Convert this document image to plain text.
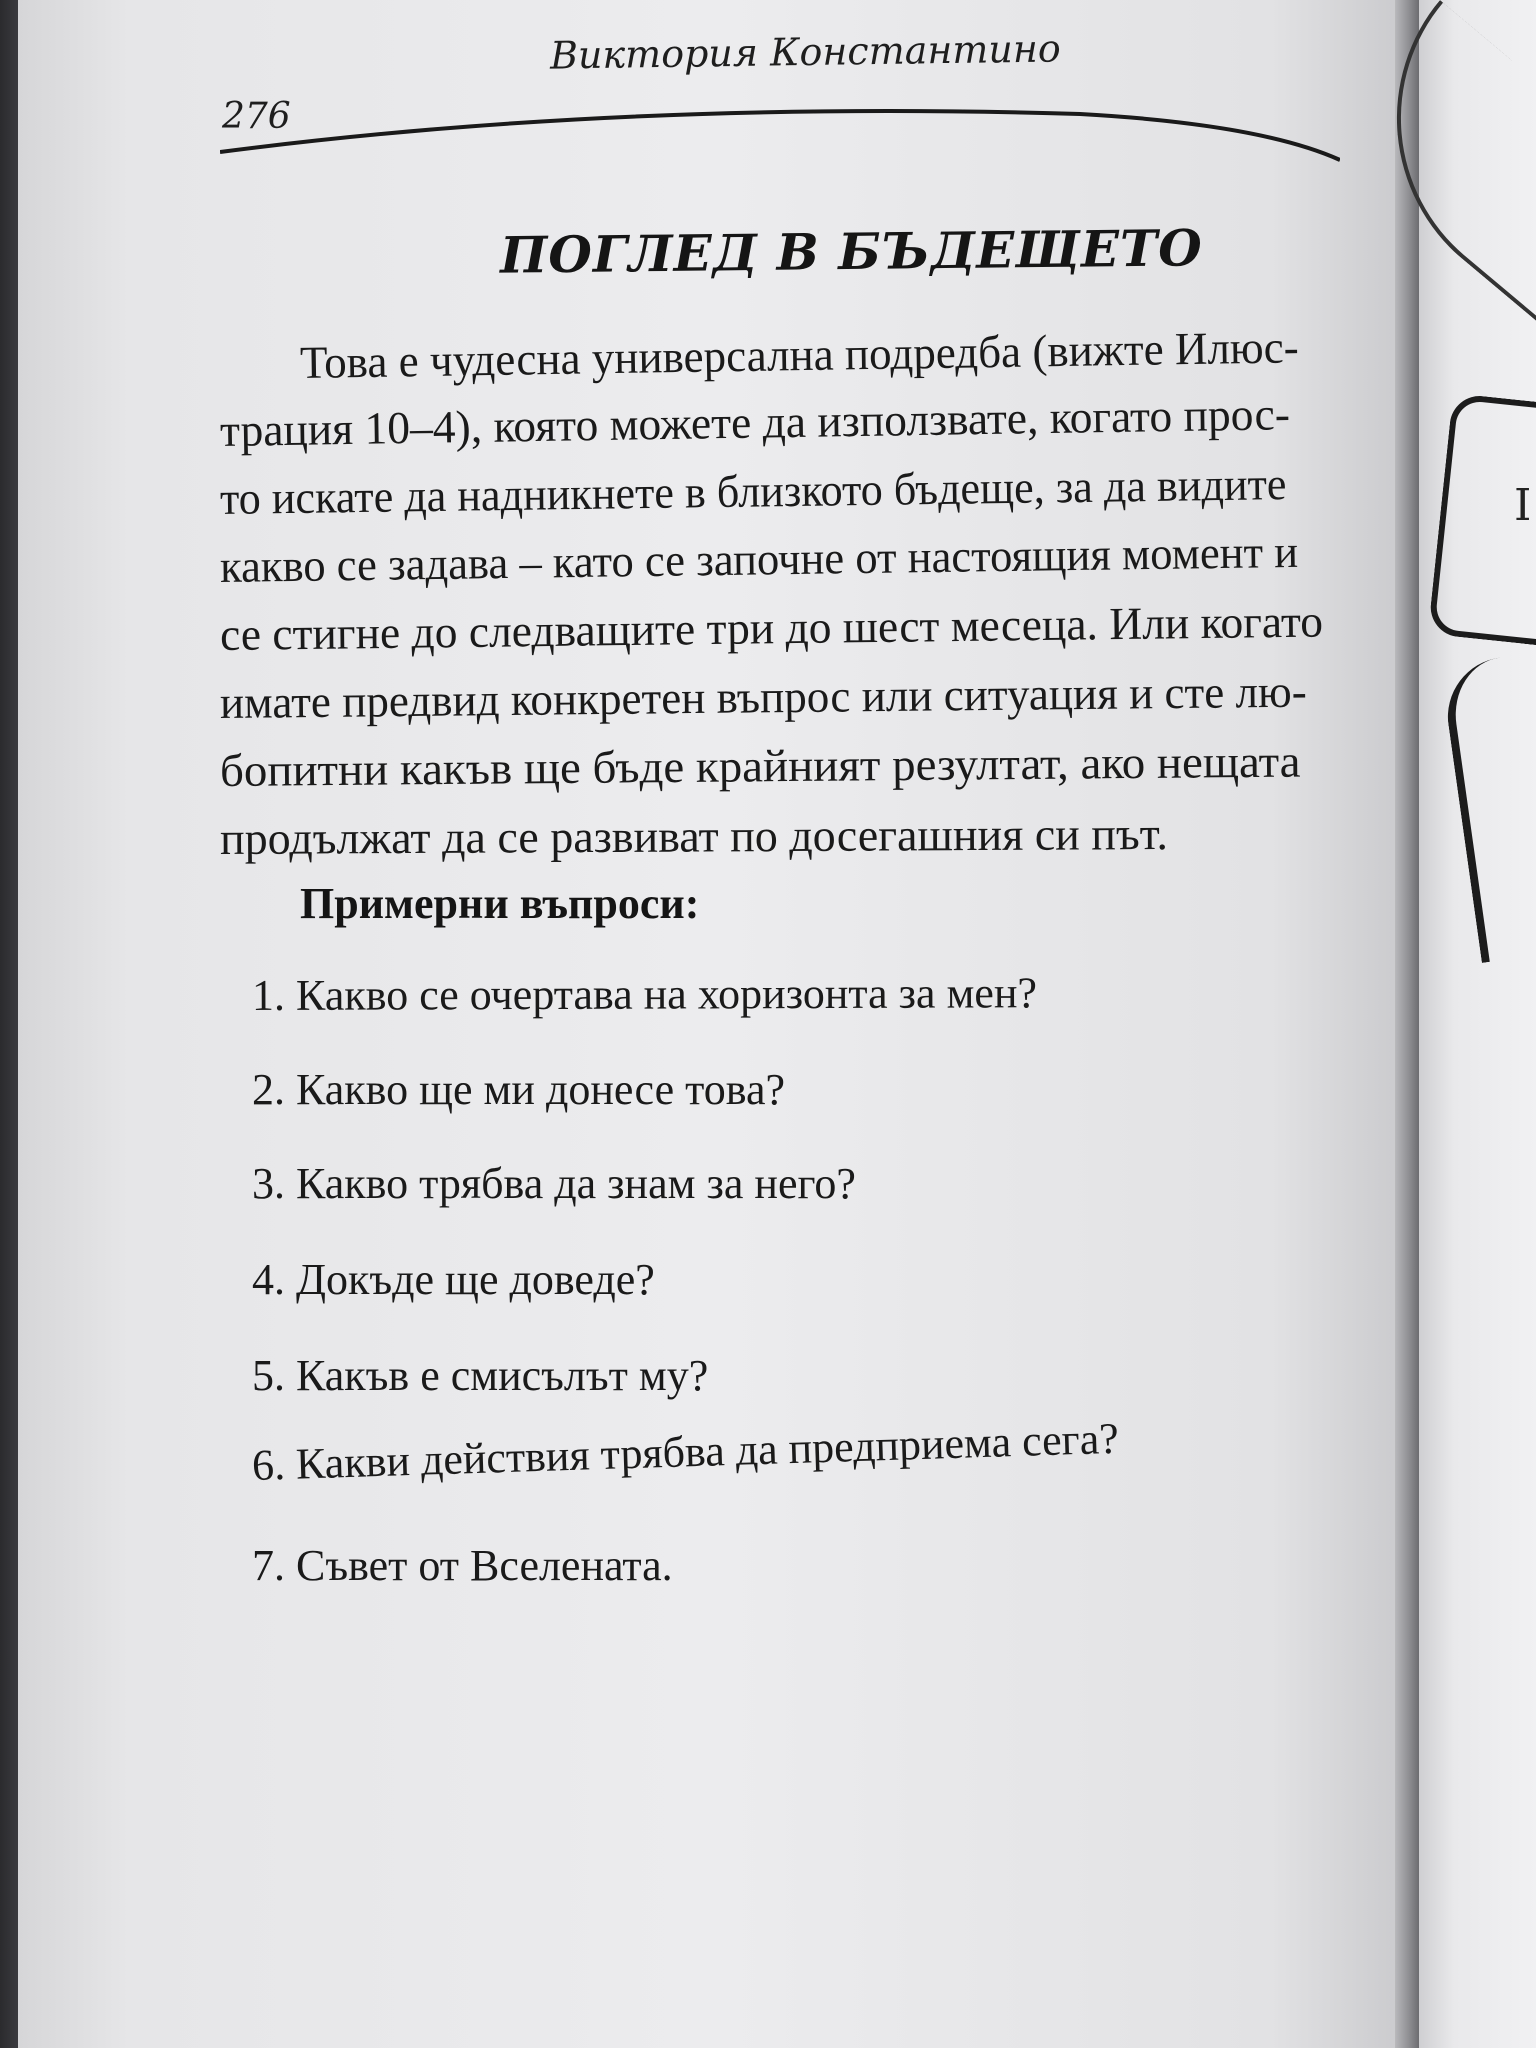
I
Виктория Константино
276
ПОГЛЕД В БЪДЕЩЕТО
Това е чудесна универсална подредба (вижте Илюс-
трация 10–4), която можете да използвате, когато прос-
то искате да надникнете в близкото бъдеще, за да видите
какво се задава – като се започне от настоящия момент и
се стигне до следващите три до шест месеца. Или когато
имате предвид конкретен въпрос или ситуация и сте лю-
бопитни какъв ще бъде крайният резултат, ако нещата
продължат да се развиват по досегашния си път.
Примерни въпроси:
1. Какво се очертава на хоризонта за мен?
2. Какво ще ми донесе това?
3. Какво трябва да знам за него?
4. Докъде ще доведе?
5. Какъв е смисълът му?
6. Какви действия трябва да предприема сега?
7. Съвет от Вселената.
